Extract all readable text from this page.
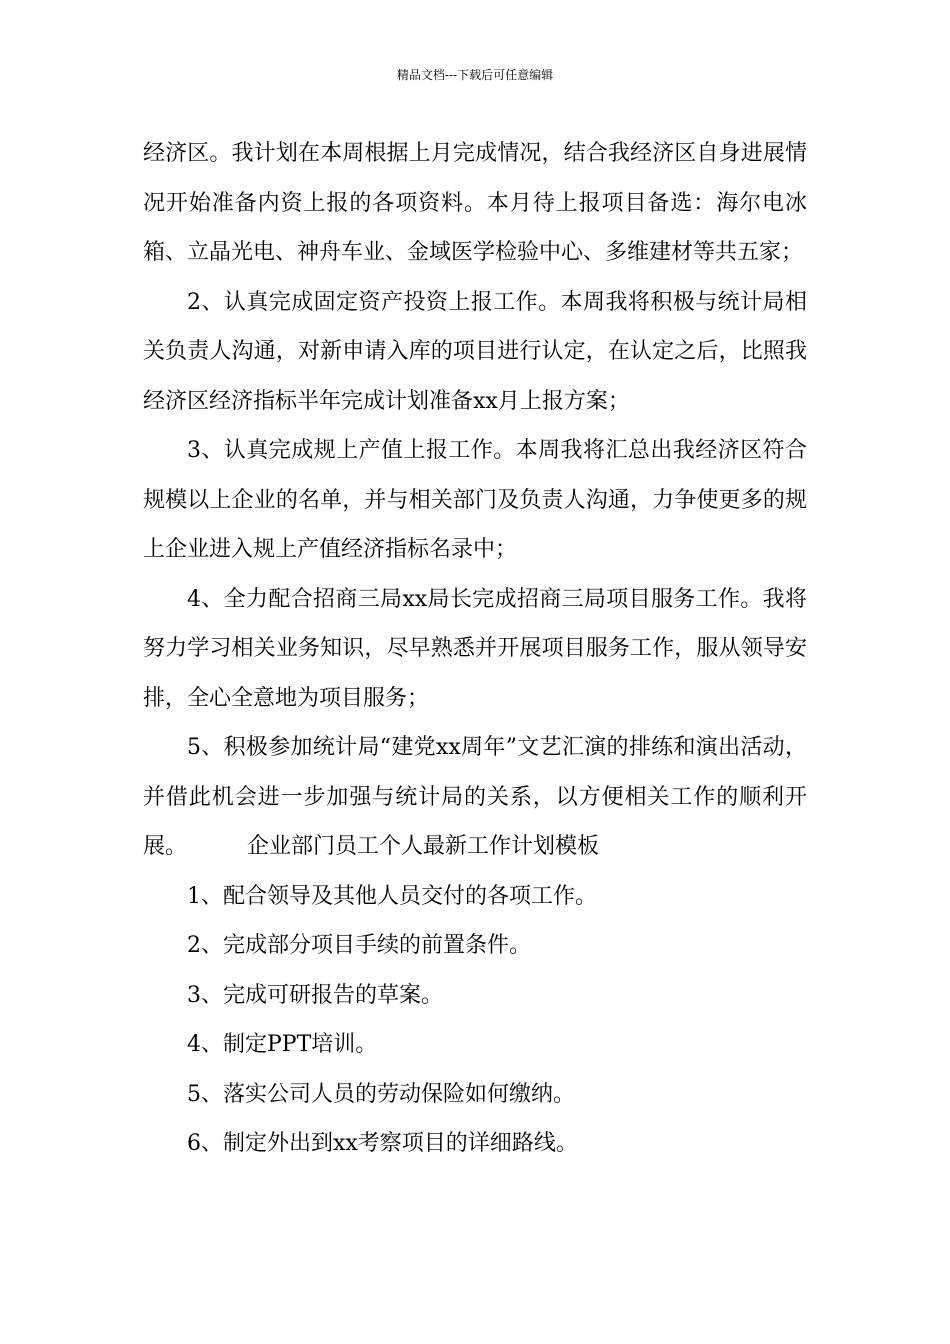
精品文档---下载后可任意编辑

经济区。我计划在本周根据上月完成情况，结合我经济区自身进展情况开始准备内资上报的各项资料。本月待上报项目备选：海尔电冰箱、立晶光电、神舟车业、金域医学检验中心、多维建材等共五家；

2、认真完成固定资产投资上报工作。本周我将积极与统计局相关负责人沟通，对新申请入库的项目进行认定，在认定之后，比照我经济区经济指标半年完成计划准备xx月上报方案；

3、认真完成规上产值上报工作。本周我将汇总出我经济区符合规模以上企业的名单，并与相关部门及负责人沟通，力争使更多的规上企业进入规上产值经济指标名录中；

4、全力配合招商三局xx局长完成招商三局项目服务工作。我将努力学习相关业务知识，尽早熟悉并开展项目服务工作，服从领导安排，全心全意地为项目服务；

5、积极参加统计局“建党xx周年”文艺汇演的排练和演出活动，并借此机会进一步加强与统计局的关系，以方便相关工作的顺利开展。	企业部门员工个人最新工作计划模板

1、配合领导及其他人员交付的各项工作。

2、完成部分项目手续的前置条件。

3、完成可研报告的草案。

4、制定PPT培训。

5、落实公司人员的劳动保险如何缴纳。

6、制定外出到xx考察项目的详细路线。
